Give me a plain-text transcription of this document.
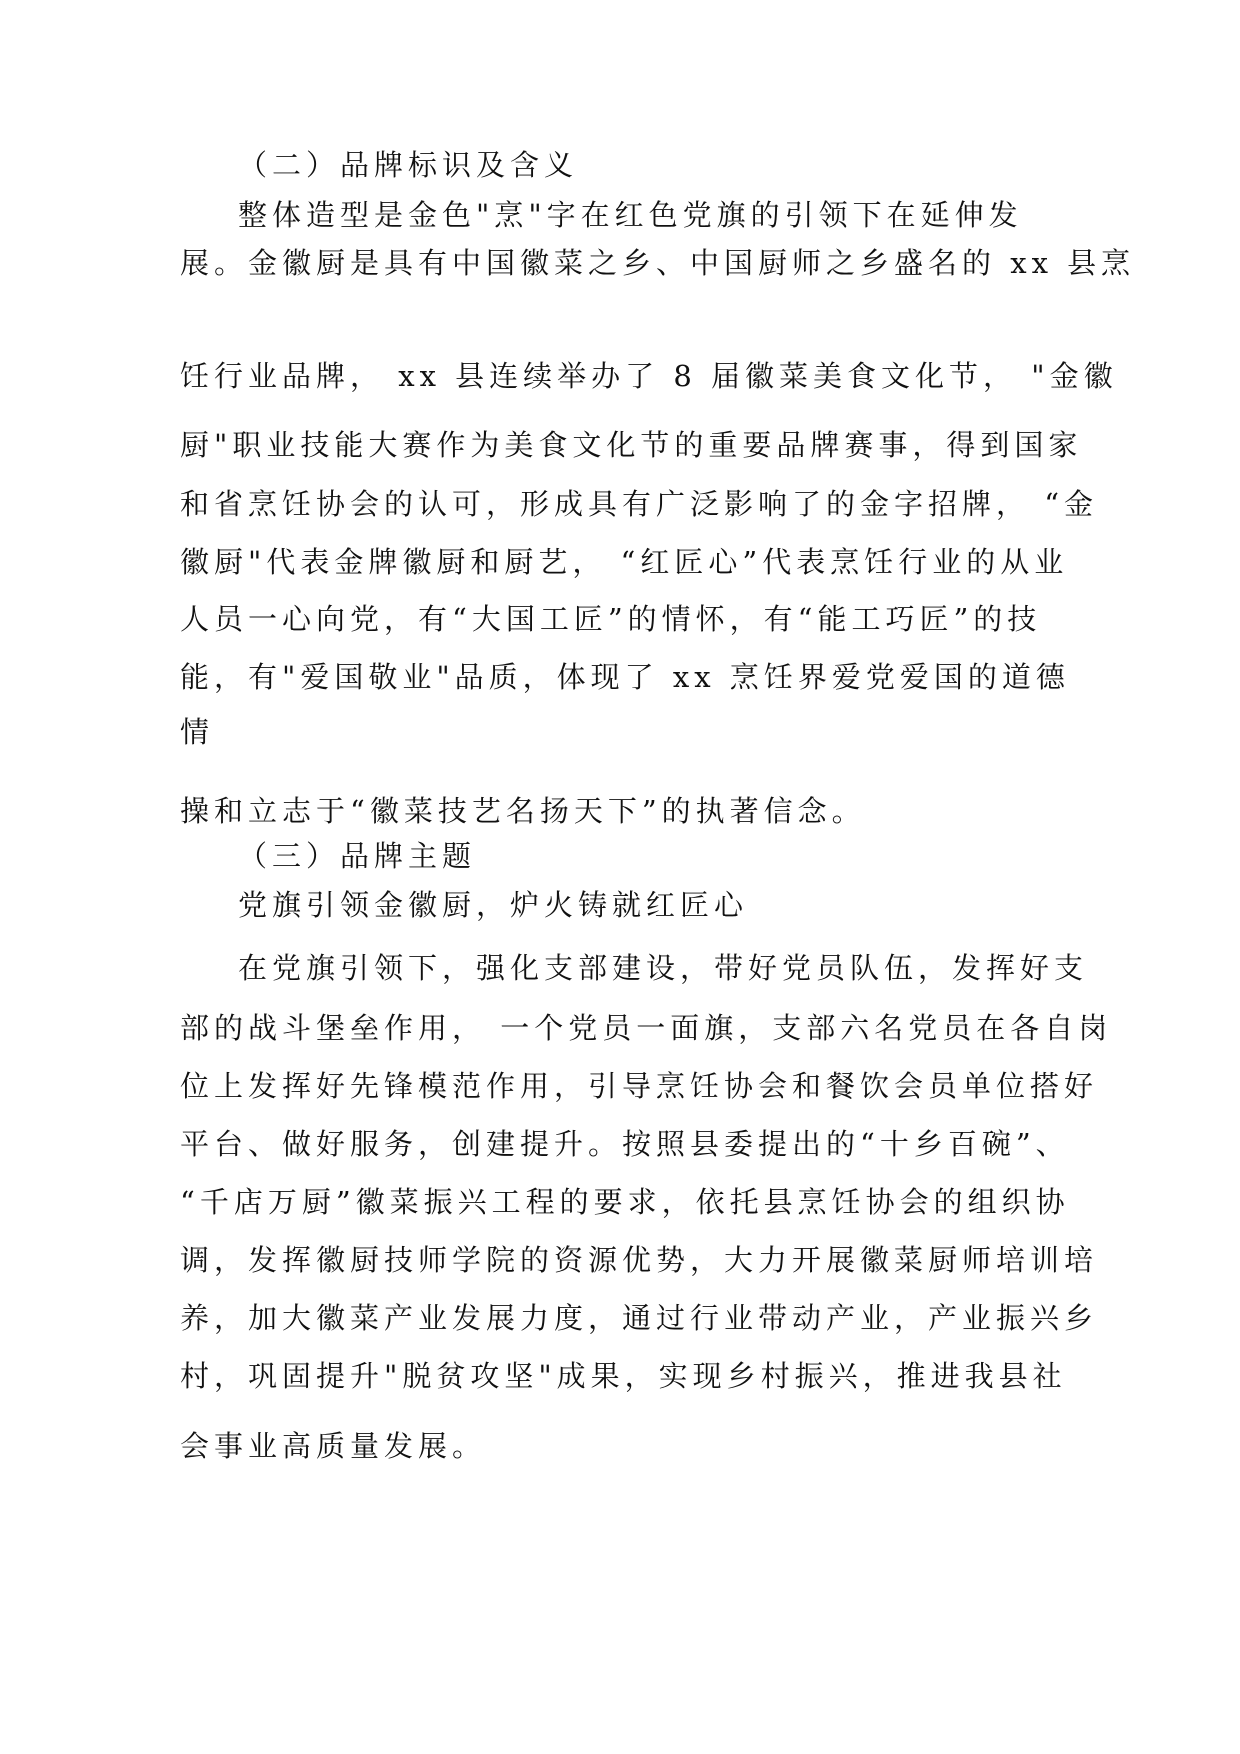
（二）品牌标识及含义
整体造型是金色"烹"字在红色党旗的引领下在延伸发
展。金徽厨是具有中国徽菜之乡、中国厨师之乡盛名的 xx 县烹
饪行业品牌， xx 县连续举办了 8 届徽菜美食文化节， "金徽
厨"职业技能大赛作为美食文化节的重要品牌赛事，得到国家
和省烹饪协会的认可，形成具有广泛影响了的金字招牌， “金
徽厨"代表金牌徽厨和厨艺， “红匠心”代表烹饪行业的从业
人员一心向党，有“大国工匠”的情怀，有“能工巧匠”的技
能，有"爱国敬业"品质，体现了 xx 烹饪界爱党爱国的道德
情
操和立志于“徽菜技艺名扬天下”的执著信念。
（三）品牌主题
党旗引领金徽厨，炉火铸就红匠心
在党旗引领下，强化支部建设，带好党员队伍，发挥好支
部的战斗堡垒作用， 一个党员一面旗，支部六名党员在各自岗
位上发挥好先锋模范作用，引导烹饪协会和餐饮会员单位搭好
平台、做好服务，创建提升。按照县委提出的“十乡百碗”、
“千店万厨”徽菜振兴工程的要求，依托县烹饪协会的组织协
调，发挥徽厨技师学院的资源优势，大力开展徽菜厨师培训培
养，加大徽菜产业发展力度，通过行业带动产业，产业振兴乡
村，巩固提升"脱贫攻坚"成果，实现乡村振兴，推进我县社
会事业高质量发展。
